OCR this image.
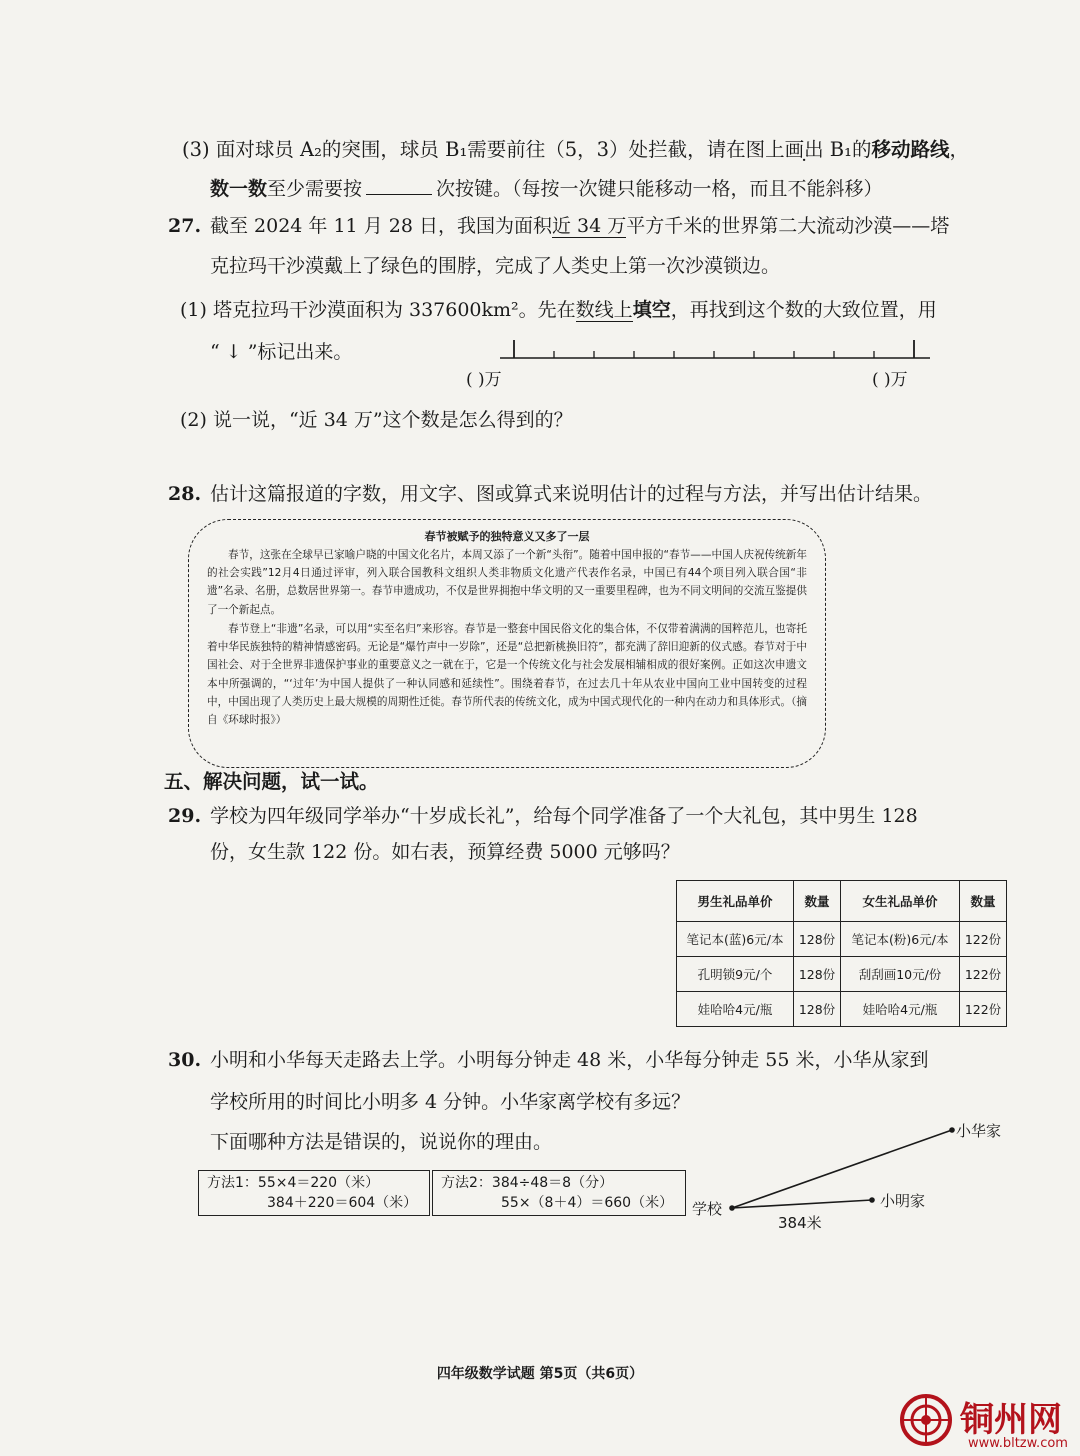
(3) 面对球员 A₂的突围，球员 B₁需要前往（5，3）处拦截，请在图上画出 B₁的移动路线，
数一数至少需要按	次按键。（每按一次键只能移动一格，而且不能斜移）
27. 截至 2024 年 11 月 28 日，我国为面积近 34 万平方千米的世界第二大流动沙漠——塔
克拉玛干沙漠戴上了绿色的围脖，完成了人类史上第一次沙漠锁边。
(1) 塔克拉玛干沙漠面积为 337600km²。先在数线上填空，再找到这个数的大致位置，用
“ ↓ ”标记出来。
( )万	( )万
(2) 说一说，“近 34 万”这个数是怎么得到的？
28. 估计这篇报道的字数，用文字、图或算式来说明估计的过程与方法，并写出估计结果。
春节被赋予的独特意义又多了一层

春节，这张在全球早已家喻户晓的中国文化名片，本周又添了一个新“头衔”。随着中国申报的“春节——中国人庆祝传统新年的社会实践”12月4日通过评审，列入联合国教科文组织人类非物质文化遗产代表作名录，中国已有44个项目列入联合国“非遗”名录、名册，总数居世界第一。春节申遗成功，不仅是世界拥抱中华文明的又一重要里程碑，也为不同文明间的交流互鉴提供了一个新起点。

春节登上“非遗”名录，可以用“实至名归”来形容。春节是一整套中国民俗文化的集合体，不仅带着满满的国粹范儿，也寄托着中华民族独特的精神情感密码。无论是“爆竹声中一岁除”，还是“总把新桃换旧符”，都充满了辞旧迎新的仪式感。春节对于中国社会、对于全世界非遗保护事业的重要意义之一就在于，它是一个传统文化与社会发展相辅相成的很好案例。正如这次申遗文本中所强调的，“‘过年’为中国人提供了一种认同感和延续性”。围绕着春节，在过去几十年从农业中国向工业中国转变的过程中，中国出现了人类历史上最大规模的周期性迁徙。春节所代表的传统文化，成为中国式现代化的一种内在动力和具体形式。（摘自《环球时报》）

五、解决问题，试一试。
29. 学校为四年级同学举办“十岁成长礼”，给每个同学准备了一个大礼包，其中男生 128
份，女生款 122 份。如右表，预算经费 5000 元够吗？
男生礼品单价	数量	女生礼品单价	数量
笔记本(蓝)6元/本	128份	笔记本(粉)6元/本	122份
孔明锁9元/个	128份	刮刮画10元/份	122份
娃哈哈4元/瓶	128份	娃哈哈4元/瓶	122份
30. 小明和小华每天走路去上学。小明每分钟走 48 米，小华每分钟走 55 米，小华从家到
学校所用的时间比小明多 4 分钟。小华家离学校有多远？
下面哪种方法是错误的，说说你的理由。
方法1：55×4＝220（米）
384＋220＝604（米）
方法2：384÷48＝8（分）
55×（8＋4）＝660（米） 学校
小华家
小明家
384米
四年级数学试题 第5页（共6页）
铜州网
www.bltzw.com
